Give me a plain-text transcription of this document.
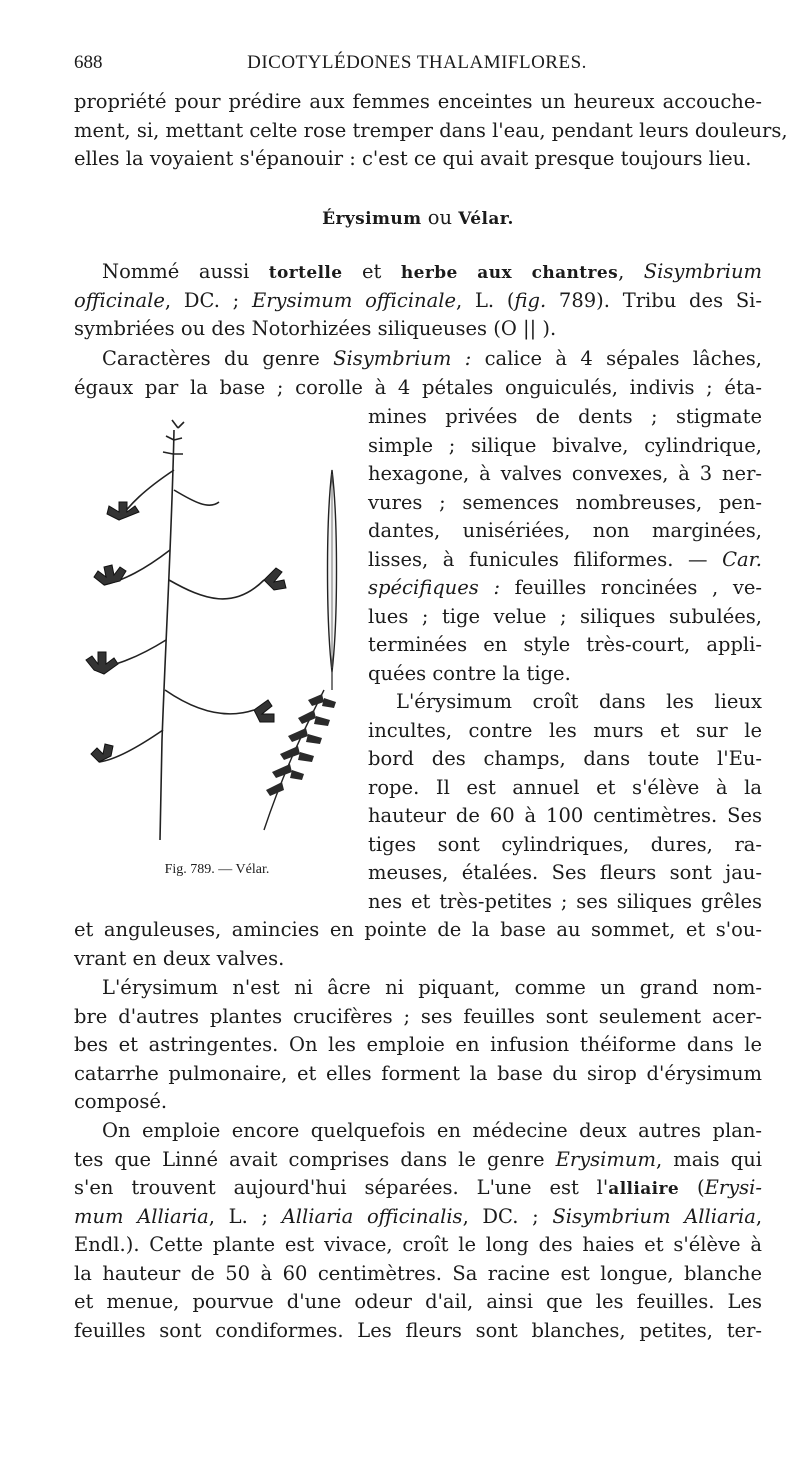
688	DICOTYLÉDONES THALAMIFLORES.
propriété pour prédire aux femmes enceintes un heureux accouche-
ment, si, mettant celte rose tremper dans l'eau, pendant leurs douleurs,
elles la voyaient s'épanouir : c'est ce qui avait presque toujours lieu.
Érysimum ou Vélar.
Nommé aussi tortelle et herbe aux chantres, Sisymbrium
officinale, DC. ; Erysimum officinale, L. (fig. 789). Tribu des Si-
symbriées ou des Notorhizées siliqueuses (O || ).
Caractères du genre Sisymbrium : calice à 4 sépales lâches,
égaux par la base ; corolle à 4 pétales onguiculés, indivis ; éta-
Fig. 789. — Vélar.
mines privées de dents ; stigmate
simple ; silique bivalve, cylindrique,
hexagone, à valves convexes, à 3 ner-
vures ; semences nombreuses, pen-
dantes, unisériées, non marginées,
lisses, à funicules filiformes. — Car.
spécifiques : feuilles roncinées , ve-
lues ; tige velue ; siliques subulées,
terminées en style très-court, appli-
quées contre la tige.
L'érysimum croît dans les lieux
incultes, contre les murs et sur le
bord des champs, dans toute l'Eu-
rope. Il est annuel et s'élève à la
hauteur de 60 à 100 centimètres. Ses
tiges sont cylindriques, dures, ra-
meuses, étalées. Ses fleurs sont jau-
nes et très-petites ; ses siliques grêles
et anguleuses, amincies en pointe de la base au sommet, et s'ou-
vrant en deux valves.
L'érysimum n'est ni âcre ni piquant, comme un grand nom-
bre d'autres plantes crucifères ; ses feuilles sont seulement acer-
bes et astringentes. On les emploie en infusion théiforme dans le
catarrhe pulmonaire, et elles forment la base du sirop d'érysimum
composé.
On emploie encore quelquefois en médecine deux autres plan-
tes que Linné avait comprises dans le genre Erysimum, mais qui
s'en trouvent aujourd'hui séparées. L'une est l'alliaire (Erysi-
mum Alliaria, L. ; Alliaria officinalis, DC. ; Sisymbrium Alliaria,
Endl.). Cette plante est vivace, croît le long des haies et s'élève à
la hauteur de 50 à 60 centimètres. Sa racine est longue, blanche
et menue, pourvue d'une odeur d'ail, ainsi que les feuilles. Les
feuilles sont condiformes. Les fleurs sont blanches, petites, ter-
